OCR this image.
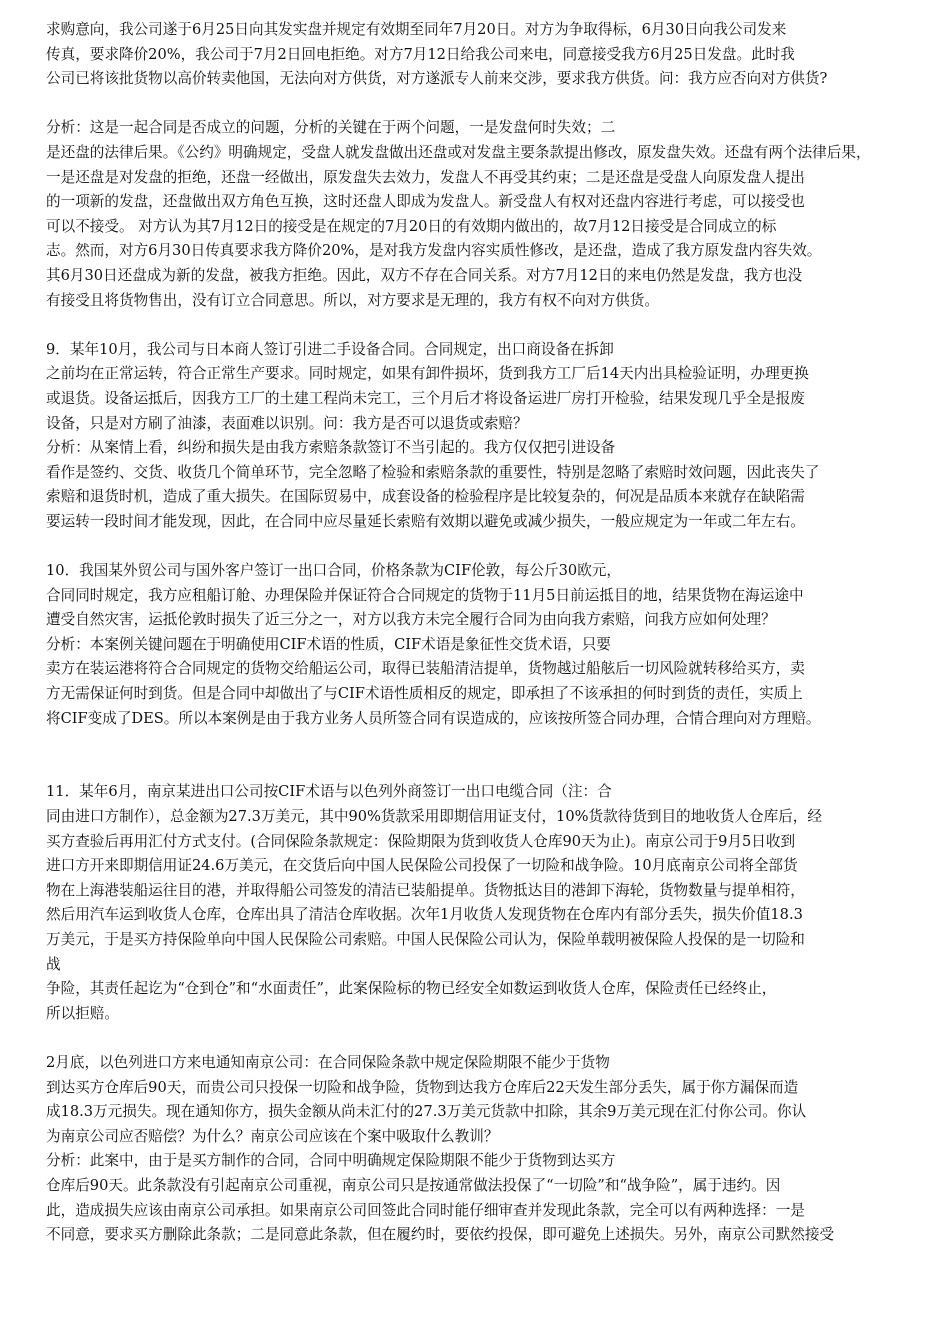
求购意向，我公司遂于6月25日向其发实盘并规定有效期至同年7月20日。对方为争取得标，6月30日向我公司发来
传真，要求降价20%，我公司于7月2日回电拒绝。对方7月12日给我公司来电，同意接受我方6月25日发盘。此时我
公司已将该批货物以高价转卖他国，无法向对方供货，对方遂派专人前来交涉，要求我方供货。问：我方应否向对方供货?
分析：这是一起合同是否成立的问题，分析的关键在于两个问题，一是发盘何时失效；二
是还盘的法律后果。《公约》明确规定，受盘人就发盘做出还盘或对发盘主要条款提出修改，原发盘失效。还盘有两个法律后果，
一是还盘是对发盘的拒绝，还盘一经做出，原发盘失去效力，发盘人不再受其约束；二是还盘是受盘人向原发盘人提出
的一项新的发盘，还盘做出双方角色互换，这时还盘人即成为发盘人。新受盘人有权对还盘内容进行考虑，可以接受也
可以不接受。 对方认为其7月12日的接受是在规定的7月20日的有效期内做出的，故7月12日接受是合同成立的标
志。然而，对方6月30日传真要求我方降价20%，是对我方发盘内容实质性修改，是还盘，造成了我方原发盘内容失效。
其6月30日还盘成为新的发盘，被我方拒绝。因此，双方不存在合同关系。对方7月12日的来电仍然是发盘，我方也没
有接受且将货物售出，没有订立合同意思。所以，对方要求是无理的，我方有权不向对方供货。
9．某年10月，我公司与日本商人签订引进二手设备合同。合同规定，出口商设备在拆卸
之前均在正常运转，符合正常生产要求。同时规定，如果有卸件损坏，货到我方工厂后14天内出具检验证明，办理更换
或退货。设备运抵后，因我方工厂的土建工程尚未完工，三个月后才将设备运进厂房打开检验，结果发现几乎全是报废
设备，只是对方刷了油漆，表面难以识别。问：我方是否可以退货或索赔？
分析：从案情上看，纠纷和损失是由我方索赔条款签订不当引起的。我方仅仅把引进设备
看作是签约、交货、收货几个简单环节，完全忽略了检验和索赔条款的重要性，特别是忽略了索赔时效问题，因此丧失了
索赔和退货时机，造成了重大损失。在国际贸易中，成套设备的检验程序是比较复杂的，何况是品质本来就存在缺陷需
要运转一段时间才能发现，因此，在合同中应尽量延长索赔有效期以避免或减少损失，一般应规定为一年或二年左右。
10．我国某外贸公司与国外客户签订一出口合同，价格条款为CIF伦敦，每公斤30欧元，
合同同时规定，我方应租船订舱、办理保险并保证符合合同规定的货物于11月5日前运抵目的地，结果货物在海运途中
遭受自然灾害，运抵伦敦时损失了近三分之一，对方以我方未完全履行合同为由向我方索赔，问我方应如何处理？
分析：本案例关键问题在于明确使用CIF术语的性质，CIF术语是象征性交货术语，只要
卖方在装运港将符合合同规定的货物交给船运公司，取得已装船清洁提单，货物越过船舷后一切风险就转移给买方，卖
方无需保证何时到货。但是合同中却做出了与CIF术语性质相反的规定，即承担了不该承担的何时到货的责任，实质上
将CIF变成了DES。所以本案例是由于我方业务人员所签合同有误造成的，应该按所签合同办理，合情合理向对方理赔。
11．某年6月，南京某进出口公司按CIF术语与以色列外商签订一出口电缆合同（注：合
同由进口方制作），总金额为27.3万美元，其中90%货款采用即期信用证支付，10%货款待货到目的地收货人仓库后，经
买方查验后再用汇付方式支付。(合同保险条款规定：保险期限为货到收货人仓库90天为止)。南京公司于9月5日收到
进口方开来即期信用证24.6万美元，在交货后向中国人民保险公司投保了一切险和战争险。10月底南京公司将全部货
物在上海港装船运往目的港，并取得船公司签发的清洁已装船提单。货物抵达目的港卸下海轮，货物数量与提单相符，
然后用汽车运到收货人仓库，仓库出具了清洁仓库收据。次年1月收货人发现货物在仓库内有部分丢失，损失价值18.3
万美元，于是买方持保险单向中国人民保险公司索赔。中国人民保险公司认为，保险单载明被保险人投保的是一切险和
战
争险，其责任起讫为“仓到仓”和“水面责任”，此案保险标的物已经安全如数运到收货人仓库，保险责任已经终止，
所以拒赔。
2月底，以色列进口方来电通知南京公司：在合同保险条款中规定保险期限不能少于货物
到达买方仓库后90天，而贵公司只投保一切险和战争险，货物到达我方仓库后22天发生部分丢失，属于你方漏保而造
成18.3万元损失。现在通知你方，损失金额从尚未汇付的27.3万美元货款中扣除，其余9万美元现在汇付你公司。你认
为南京公司应否赔偿？为什么？南京公司应该在个案中吸取什么教训？
分析：此案中，由于是买方制作的合同，合同中明确规定保险期限不能少于货物到达买方
仓库后90天。此条款没有引起南京公司重视，南京公司只是按通常做法投保了“一切险”和“战争险”，属于违约。因
此，造成损失应该由南京公司承担。如果南京公司回签此合同时能仔细审查并发现此条款，完全可以有两种选择：一是
不同意，要求买方删除此条款；二是同意此条款，但在履约时，要依约投保，即可避免上述损失。另外，南京公司默然接受
